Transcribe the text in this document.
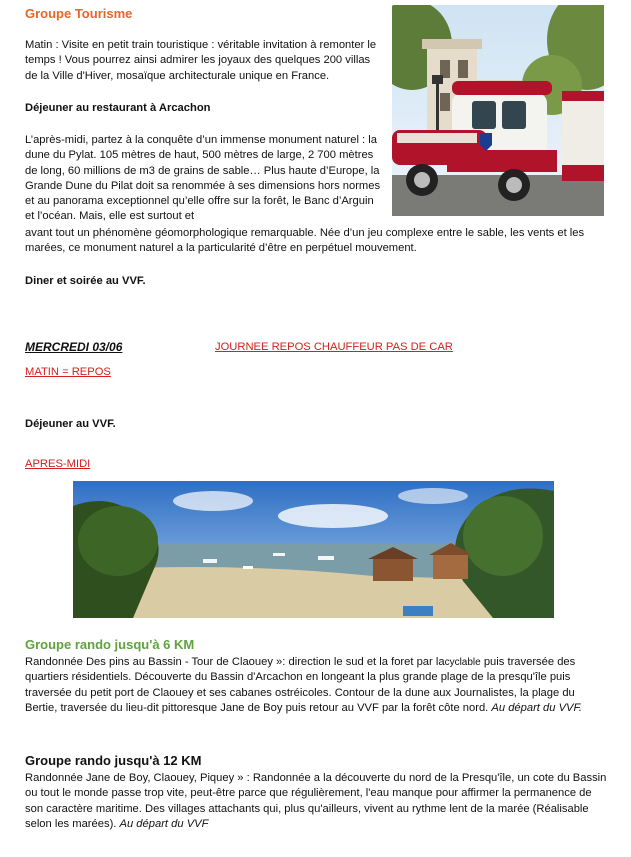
Groupe Tourisme
Matin : Visite en petit train touristique : véritable invitation à remonter le temps ! Vous pourrez ainsi admirer les joyaux des quelques 200 villas de la Ville d'Hiver, mosaïque architecturale unique en France.
Déjeuner au restaurant à Arcachon
L’après-midi, partez à la conquête d’un immense monument naturel : la dune du Pylat. 105 mètres de haut, 500 mètres de large, 2 700 mètres de long, 60 millions de m3 de grains de sable… Plus haute d’Europe, la Grande Dune du Pilat doit sa renommée à ses dimensions hors normes et au panorama exceptionnel qu’elle offre sur la forêt, le Banc d’Arguin et l’océan. Mais, elle est surtout et
avant tout un phénomène géomorphologique remarquable. Née d’un jeu complexe entre le sable, les vents et les marées, ce monument naturel a la particularité d’être en perpétuel mouvement.
Diner et soirée au VVF.
MERCREDI 03/06	JOURNEE REPOS CHAUFFEUR PAS DE CAR
MATIN = REPOS
Déjeuner au VVF.
APRES-MIDI
Groupe rando jusqu'à 6 KM
Randonnée Des pins au Bassin - Tour de Claouey »: direction le sud et la foret par lacyclable puis traversée des quartiers résidentiels. Découverte du Bassin d'Arcachon en longeant la plus grande plage de la presqu'île puis traversée du petit port de Claouey et ses cabanes ostréicoles. Contour de la dune aux Journalistes, la plage du Bertie, traversée du lieu-dit pittoresque Jane de Boy puis retour au VVF par la forêt côte nord. Au départ du VVF.
Groupe rando jusqu'à 12 KM
Randonnée Jane de Boy, Claouey, Piquey » : Randonnée a la découverte du nord de la Presqu'île, un cote du Bassin ou tout le monde passe trop vite, peut-être parce que régulièrement, l'eau manque pour affirmer la permanence de son caractère maritime. Des villages attachants qui, plus qu'ailleurs, vivent au rythme lent de la marée (Réalisable selon les marées). Au départ du VVF
